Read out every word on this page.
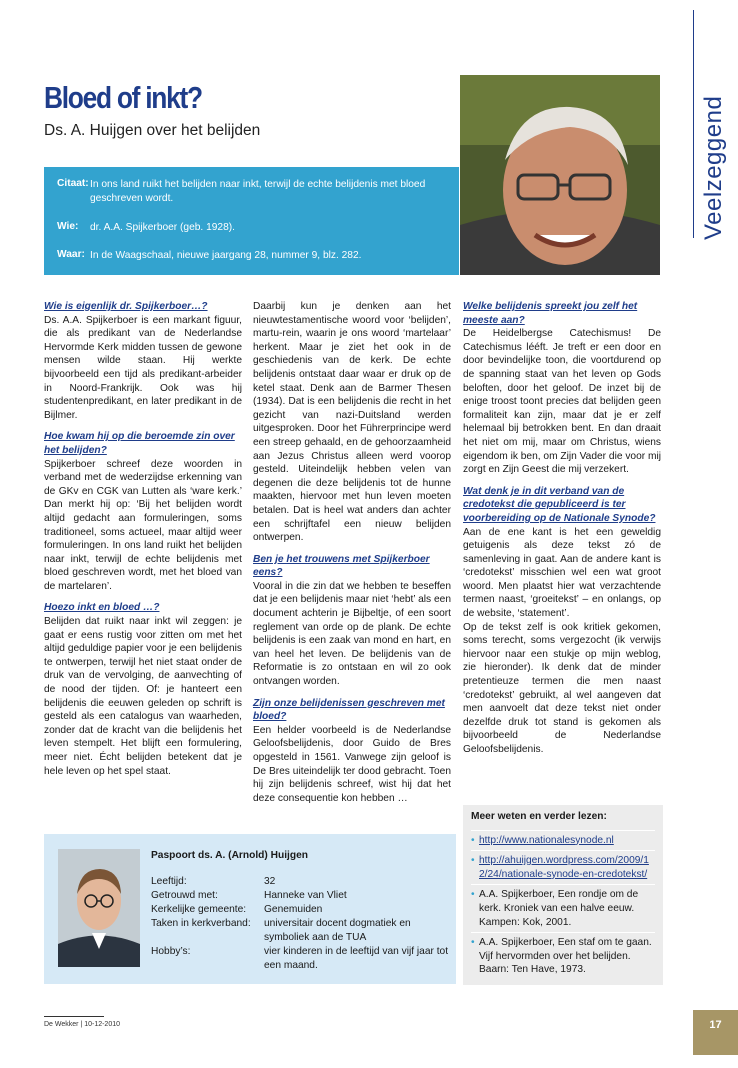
Bloed of inkt?
Ds. A. Huijgen over het belijden	Veelzeggend
Citaat: In ons land ruikt het belijden naar inkt, terwijl de echte belijdenis met bloed geschreven wordt.
Wie:	dr. A.A. Spijkerboer (geb. 1928).
Waar: In de Waagschaal, nieuwe jaargang 28, nummer 9, blz. 282.
Wie is eigenlijk dr. Spijkerboer…?

Ds. A.A. Spijkerboer is een markant figuur, die als predikant van de Nederlandse Hervormde Kerk midden tussen de gewone mensen wilde staan. Hij werkte bijvoorbeeld een tijd als predikant-arbeider in Noord-Frankrijk. Ook was hij studentenpredikant, en later predikant in de Bijlmer.

Hoe kwam hij op die beroemde zin over het belijden?

Spijkerboer schreef deze woorden in verband met de wederzijdse erkenning van de GKv en CGK van Lutten als ‘ware kerk.’ Dan merkt hij op: ‘Bij het belijden wordt altijd gedacht aan formuleringen, soms traditioneel, soms actueel, maar altijd weer formuleringen. In ons land ruikt het belijden naar inkt, terwijl de echte belijdenis met bloed geschreven wordt, met het bloed van de martelaren’.

Hoezo inkt en bloed …?

Belijden dat ruikt naar inkt wil zeggen: je gaat er eens rustig voor zitten om met het altijd geduldige papier voor je een belijdenis te ontwerpen, terwijl het niet staat onder de druk van de vervolging, de aanvechting of de nood der tijden. Of: je hanteert een belijdenis die eeuwen geleden op schrift is gesteld als een catalogus van waarheden, zonder dat de kracht van die belijdenis het leven stempelt. Het blijft een formulering, meer niet. Écht belijden betekent dat je hele leven op het spel staat.

Daarbij kun je denken aan het nieuwtestamentische woord voor ‘belijden’, martu-rein, waarin je ons woord ‘martelaar’ herkent. Maar je ziet het ook in de geschiedenis van de kerk. De echte belijdenis ontstaat daar waar er druk op de ketel staat. Denk aan de Barmer Thesen (1934). Dat is een belijdenis die recht in het gezicht van nazi-Duitsland werden uitgesproken. Door het Führerprincipe werd een streep gehaald, en de gehoorzaamheid aan Jezus Christus alleen werd voorop gesteld. Uiteindelijk hebben velen van degenen die deze belijdenis tot de hunne maakten, hiervoor met hun leven moeten betalen. Dat is heel wat anders dan achter een schrijftafel een nieuw belijden ontwerpen.

Ben je het trouwens met Spijkerboer eens?

Vooral in die zin dat we hebben te beseffen dat je een belijdenis maar niet ‘hebt’ als een document achterin je Bijbeltje, of een soort reglement van orde op de plank. De echte belijdenis is een zaak van mond en hart, en van heel het leven. De belijdenis van de Reformatie is zo ontstaan en wil zo ook ontvangen worden.

Zijn onze belijdenissen geschreven met bloed?

Een helder voorbeeld is de Nederlandse Geloofsbelijdenis, door Guido de Bres opgesteld in 1561. Vanwege zijn geloof is De Bres uiteindelijk ter dood gebracht. Toen hij zijn belijdenis schreef, wist hij dat het deze consequentie kon hebben …

Welke belijdenis spreekt jou zelf het meeste aan?

De Heidelbergse Catechismus! De Catechismus lééft. Je treft er een door en door bevindelijke toon, die voortdurend op de spanning staat van het leven op Gods beloften, door het geloof. De inzet bij de enige troost toont precies dat belijden geen formaliteit kan zijn, maar dat je er zelf helemaal bij betrokken bent. En dan draait het niet om mij, maar om Christus, wiens eigendom ik ben, om Zijn Vader die voor mij zorgt en Zijn Geest die mij verzekert.

Wat denk je in dit verband van de credotekst die gepubliceerd is ter voorbereiding op de Nationale Synode?

Aan de ene kant is het een geweldig getuigenis als deze tekst zó de samenleving in gaat. Aan de andere kant is ‘credotekst’ misschien wel een wat groot woord. Men plaatst hier wat verzachtende termen naast, ‘groeitekst’ – en onlangs, op de website, ‘statement’.

Op de tekst zelf is ook kritiek gekomen, soms terecht, soms vergezocht (ik verwijs hiervoor naar een stukje op mijn weblog, zie hieronder). Ik denk dat de minder pretentieuze termen die men naast ‘credotekst’ gebruikt, al wel aangeven dat men aanvoelt dat deze tekst niet onder dezelfde druk tot stand is gekomen als bijvoorbeeld de Nederlandse Geloofsbelijdenis.

Paspoort ds. A. (Arnold) Huijgen
Leeftijd:	32
Getrouwd met:	Hanneke van Vliet
Kerkelijke gemeente:	Genemuiden
Taken in kerkverband:	universitair docent dogmatiek en symboliek aan de TUA
Hobby’s:	vier kinderen in de leeftijd van vijf jaar tot een maand.
Meer weten en verder lezen:
• http://www.nationalesynode.nl
• http://ahuijgen.wordpress.com/2009/12/24/nationale-synode-en-credotekst/
• A.A. Spijkerboer, Een rondje om de kerk. Kroniek van een halve eeuw. Kampen: Kok, 2001.
• A.A. Spijkerboer, Een staf om te gaan. Vijf hervormden over het belijden. Baarn: Ten Have, 1973.
De Wekker | 10-12-2010	17
